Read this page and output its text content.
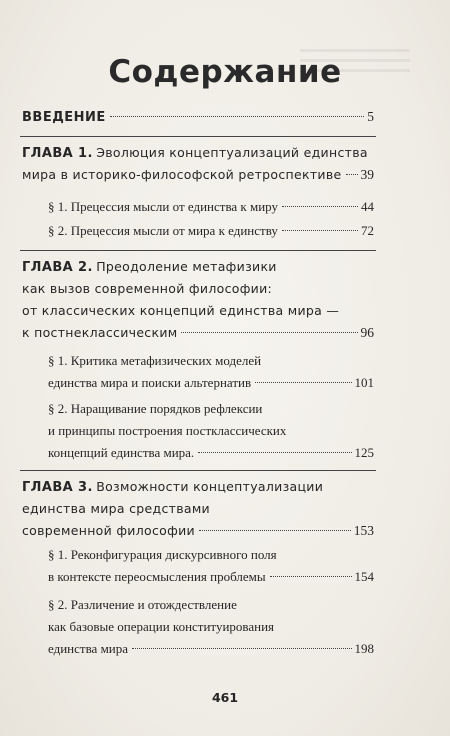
Содержание
ВВЕДЕНИЕ	5
ГЛАВА 1. Эволюция концептуализаций единства
мира в историко-философской ретроспективе 39
§ 1. Прецессия мысли от единства к миру	44
§ 2. Прецессия мысли от мира к единству	72
ГЛАВА 2. Преодоление метафизики
как вызов современной философии:
от классических концепций единства мира —
к постнеклассическим	96
§ 1. Критика метафизических моделей
единства мира и поиски альтернатив	101
§ 2. Наращивание порядков рефлексии
и принципы построения постклассических
концепций единства мира.	125
ГЛАВА 3. Возможности концептуализации
единства мира средствами
современной философии	153
§ 1. Реконфигурация дискурсивного поля
в контексте переосмысления проблемы	154
§ 2. Различение и отождествление
как базовые операции конституирования
единства мира	198
461
